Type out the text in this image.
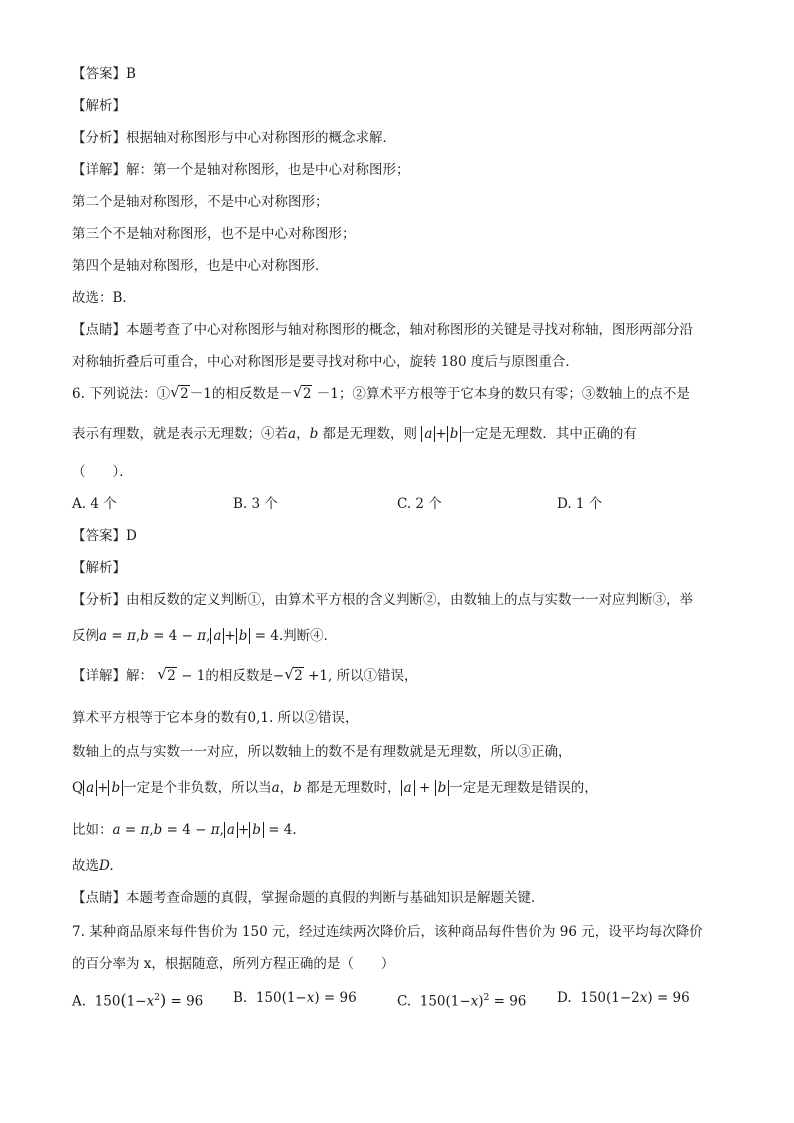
【答案】B
【解析】
【分析】根据轴对称图形与中心对称图形的概念求解．
【详解】解：第一个是轴对称图形，也是中心对称图形；
第二个是轴对称图形，不是中心对称图形；
第三个不是轴对称图形，也不是中心对称图形；
第四个是轴对称图形，也是中心对称图形．
故选：B．
【点睛】本题考查了中心对称图形与轴对称图形的概念，轴对称图形的关键是寻找对称轴，图形两部分沿
对称轴折叠后可重合，中心对称图形是要寻找对称中心，旋转 180 度后与原图重合．
6. 下列说法：① √ 2－1的相反数是－ √ 2 －1；②算术平方根等于它本身的数只有零；③数轴上的点不是
表示有理数，就是表示无理数；④若a，b 都是无理数，则 a + b 一定是无理数．其中正确的有
（　　）．
A. 4 个	B. 3 个	C. 2 个	D. 1 个
【答案】D
【解析】
【分析】由相反数的定义判断①，由算术平方根的含义判断②，由数轴上的点与实数一一对应判断③，举
反例a = π,b = 4 − π, a + b = 4.判断④．
【详解】解： √ 2 − 1的相反数是− √ 2 +1, 所以①错误，
算术平方根等于它本身的数有0,1. 所以②错误，
数轴上的点与实数一一对应，所以数轴上的数不是有理数就是无理数，所以③正确，
Q a + b 一定是个非负数，所以当a，b 都是无理数时， a + b 一定是无理数是错误的，
比如：a = π,b = 4 − π, a + b = 4.
故选D.
【点睛】本题考查命题的真假，掌握命题的真假的判断与基础知识是解题关键．
7. 某种商品原来每件售价为 150 元，经过连续两次降价后，该种商品每件售价为 96 元，设平均每次降价
的百分率为 x，根据随意，所列方程正确的是（　　）
A. $150(1-x^2) = 96$ B. 150(1−x) = 96	C. $150(1-x)^2 = 96$ D. 150(1−2x) = 96
